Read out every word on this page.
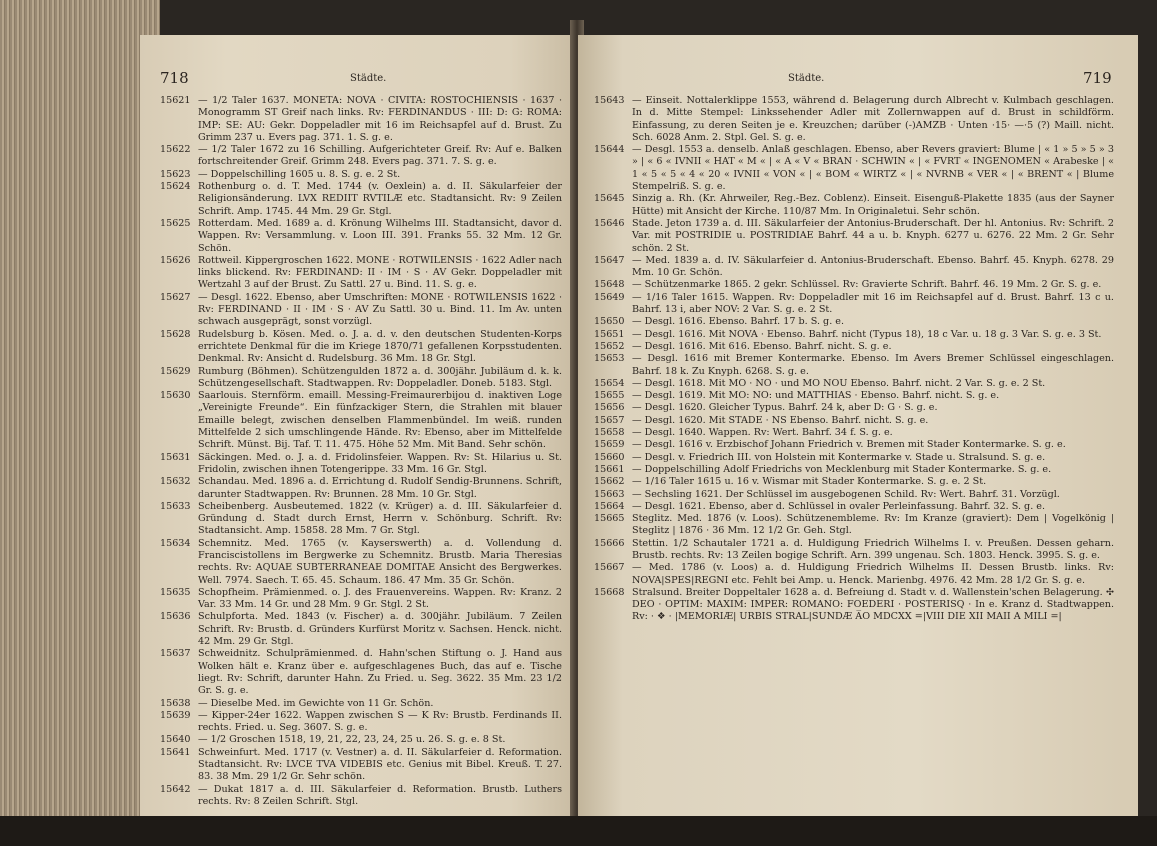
718	Städte.
15621 — 1/2 Taler 1637. MONETA: NOVA · CIVITA: ROSTOCHIENSIS · 1637 · Monogramm ST Greif nach links. Rv: FERDINANDUS · III: D: G: ROMA: IMP: SE: AU: Gekr. Doppeladler mit 16 im Reichsapfel auf d. Brust. Zu Grimm 237 u. Evers pag. 371. 1. S. g. e.
15622 — 1/2 Taler 1672 zu 16 Schilling. Aufgerichteter Greif. Rv: Auf e. Balken fortschreitender Greif. Grimm 248. Evers pag. 371. 7. S. g. e.
15623 — Doppelschilling 1605 u. 8. S. g. e. 2 St.
15624 Rothenburg o. d. T. Med. 1744 (v. Oexlein) a. d. II. Säkularfeier der Religionsänderung. LVX REDIIT RVTILÆ etc. Stadtansicht. Rv: 9 Zeilen Schrift. Amp. 1745. 44 Mm. 29 Gr. Stgl.
15625 Rotterdam. Med. 1689 a. d. Krönung Wilhelms III. Stadtansicht, davor d. Wappen. Rv: Versammlung. v. Loon III. 391. Franks 55. 32 Mm. 12 Gr. Schön.
15626 Rottweil. Kippergroschen 1622. MONE · ROTWILENSIS · 1622 Adler nach links blickend. Rv: FERDINAND: II · IM · S · AV Gekr. Doppeladler mit Wertzahl 3 auf der Brust. Zu Sattl. 27 u. Bind. 11. S. g. e.
15627 — Desgl. 1622. Ebenso, aber Umschriften: MONE · ROTWILENSIS 1622 · Rv: FERDINAND · II · IM · S · AV Zu Sattl. 30 u. Bind. 11. Im Av. unten schwach ausgeprägt, sonst vorzügl.
15628 Rudelsburg b. Kösen. Med. o. J. a. d. v. den deutschen Studenten-Korps errichtete Denkmal für die im Kriege 1870/71 gefallenen Korpsstudenten. Denkmal. Rv: Ansicht d. Rudelsburg. 36 Mm. 18 Gr. Stgl.
15629 Rumburg (Böhmen). Schützengulden 1872 a. d. 300jähr. Jubiläum d. k. k. Schützengesellschaft. Stadtwappen. Rv: Doppeladler. Doneb. 5183. Stgl.
15630 Saarlouis. Sternförm. emaill. Messing-Freimaurerbijou d. inaktiven Loge „Vereinigte Freunde“. Ein fünfzackiger Stern, die Strahlen mit blauer Emaille belegt, zwischen denselben Flammenbündel. Im weiß. runden Mittelfelde 2 sich umschlingende Hände. Rv: Ebenso, aber im Mittelfelde Schrift. Münst. Bij. Taf. T. 11. 475. Höhe 52 Mm. Mit Band. Sehr schön.
15631 Säckingen. Med. o. J. a. d. Fridolinsfeier. Wappen. Rv: St. Hilarius u. St. Fridolin, zwischen ihnen Totengerippe. 33 Mm. 16 Gr. Stgl.
15632 Schandau. Med. 1896 a. d. Errichtung d. Rudolf Sendig-Brunnens. Schrift, darunter Stadtwappen. Rv: Brunnen. 28 Mm. 10 Gr. Stgl.
15633 Scheibenberg. Ausbeutemed. 1822 (v. Krüger) a. d. III. Säkularfeier d. Gründung d. Stadt durch Ernst, Herrn v. Schönburg. Schrift. Rv: Stadtansicht. Amp. 15858. 28 Mm. 7 Gr. Stgl.
15634 Schemnitz. Med. 1765 (v. Kayserswerth) a. d. Vollendung d. Franciscistollens im Bergwerke zu Schemnitz. Brustb. Maria Theresias rechts. Rv: AQUAE SUBTERRANEAE DOMITAE Ansicht des Bergwerkes. Well. 7974. Saech. T. 65. 45. Schaum. 186. 47 Mm. 35 Gr. Schön.
15635 Schopfheim. Prämienmed. o. J. des Frauenvereins. Wappen. Rv: Kranz. 2 Var. 33 Mm. 14 Gr. und 28 Mm. 9 Gr. Stgl. 2 St.
15636 Schulpforta. Med. 1843 (v. Fischer) a. d. 300jähr. Jubiläum. 7 Zeilen Schrift. Rv: Brustb. d. Gründers Kurfürst Moritz v. Sachsen. Henck. nicht. 42 Mm. 29 Gr. Stgl.
15637 Schweidnitz. Schulprämienmed. d. Hahn'schen Stiftung o. J. Hand aus Wolken hält e. Kranz über e. aufgeschlagenes Buch, das auf e. Tische liegt. Rv: Schrift, darunter Hahn. Zu Fried. u. Seg. 3622. 35 Mm. 23 1/2 Gr. S. g. e.
15638 — Dieselbe Med. im Gewichte von 11 Gr. Schön.
15639 — Kipper-24er 1622. Wappen zwischen S — K Rv: Brustb. Ferdinands II. rechts. Fried. u. Seg. 3607. S. g. e.
15640 — 1/2 Groschen 1518, 19, 21, 22, 23, 24, 25 u. 26. S. g. e. 8 St.
15641 Schweinfurt. Med. 1717 (v. Vestner) a. d. II. Säkularfeier d. Reformation. Stadtansicht. Rv: LVCE TVA VIDEBIS etc. Genius mit Bibel. Kreuß. T. 27. 83. 38 Mm. 29 1/2 Gr. Sehr schön.
15642 — Dukat 1817 a. d. III. Säkularfeier d. Reformation. Brustb. Luthers rechts. Rv: 8 Zeilen Schrift. Stgl.
Städte.	719
15643 — Einseit. Nottalerklippe 1553, während d. Belagerung durch Albrecht v. Kulmbach geschlagen. In d. Mitte Stempel: Linkssehender Adler mit Zollernwappen auf d. Brust in schildförm. Einfassung, zu deren Seiten je e. Kreuzchen; darüber (-)AMZB · Unten ·15· —·5 (?) Maill. nicht. Sch. 6028 Anm. 2. Stpl. Gel. S. g. e.
15644 — Desgl. 1553 a. denselb. Anlaß geschlagen. Ebenso, aber Revers graviert: Blume | « 1 » 5 » 5 » 3 » | « 6 « IVNII « HAT « M « | « A « V « BRAN · SCHWIN « | « FVRT « INGENOMEN « Arabeske | « 1 « 5 « 5 « 4 « 20 « IVNII « VON « | « BOM « WIRTZ « | « NVRNB « VER « | « BRENT « | Blume Stempelriß. S. g. e.
15645 Sinzig a. Rh. (Kr. Ahrweiler, Reg.-Bez. Coblenz). Einseit. Eisenguß-Plakette 1835 (aus der Sayner Hütte) mit Ansicht der Kirche. 110/87 Mm. In Originaletui. Sehr schön.
15646 Stade. Jeton 1739 a. d. III. Säkularfeier der Antonius-Bruderschaft. Der hl. Antonius. Rv: Schrift. 2 Var. mit POSTRIDIE u. POSTRIDIAE Bahrf. 44 a u. b. Knyph. 6277 u. 6276. 22 Mm. 2 Gr. Sehr schön. 2 St.
15647 — Med. 1839 a. d. IV. Säkularfeier d. Antonius-Bruderschaft. Ebenso. Bahrf. 45. Knyph. 6278. 29 Mm. 10 Gr. Schön.
15648 — Schützenmarke 1865. 2 gekr. Schlüssel. Rv: Gravierte Schrift. Bahrf. 46. 19 Mm. 2 Gr. S. g. e.
15649 — 1/16 Taler 1615. Wappen. Rv: Doppeladler mit 16 im Reichsapfel auf d. Brust. Bahrf. 13 c u. Bahrf. 13 i, aber NOV: 2 Var. S. g. e. 2 St.
15650 — Desgl. 1616. Ebenso. Bahrf. 17 b. S. g. e.
15651 — Desgl. 1616. Mit NOVA · Ebenso. Bahrf. nicht (Typus 18), 18 c Var. u. 18 g. 3 Var. S. g. e. 3 St.
15652 — Desgl. 1616. Mit 616. Ebenso. Bahrf. nicht. S. g. e.
15653 — Desgl. 1616 mit Bremer Kontermarke. Ebenso. Im Avers Bremer Schlüssel eingeschlagen. Bahrf. 18 k. Zu Knyph. 6268. S. g. e.
15654 — Desgl. 1618. Mit MO · NO · und MO NOU Ebenso. Bahrf. nicht. 2 Var. S. g. e. 2 St.
15655 — Desgl. 1619. Mit MO: NO: und MATTHIAS · Ebenso. Bahrf. nicht. S. g. e.
15656 — Desgl. 1620. Gleicher Typus. Bahrf. 24 k, aber D: G · S. g. e.
15657 — Desgl. 1620. Mit STADE · NS Ebenso. Bahrf. nicht. S. g. e.
15658 — Desgl. 1640. Wappen. Rv: Wert. Bahrf. 34 f. S. g. e.
15659 — Desgl. 1616 v. Erzbischof Johann Friedrich v. Bremen mit Stader Kontermarke. S. g. e.
15660 — Desgl. v. Friedrich III. von Holstein mit Kontermarke v. Stade u. Stralsund. S. g. e.
15661 — Doppelschilling Adolf Friedrichs von Mecklenburg mit Stader Kontermarke. S. g. e.
15662 — 1/16 Taler 1615 u. 16 v. Wismar mit Stader Kontermarke. S. g. e. 2 St.
15663 — Sechsling 1621. Der Schlüssel im ausgebogenen Schild. Rv: Wert. Bahrf. 31. Vorzügl.
15664 — Desgl. 1621. Ebenso, aber d. Schlüssel in ovaler Perleinfassung. Bahrf. 32. S. g. e.
15665 Steglitz. Med. 1876 (v. Loos). Schützenembleme. Rv: Im Kranze (graviert): Dem | Vogelkönig | Steglitz | 1876 · 36 Mm. 12 1/2 Gr. Geh. Stgl.
15666 Stettin. 1/2 Schautaler 1721 a. d. Huldigung Friedrich Wilhelms I. v. Preußen. Dessen geharn. Brustb. rechts. Rv: 13 Zeilen bogige Schrift. Arn. 399 ungenau. Sch. 1803. Henck. 3995. S. g. e.
15667 — Med. 1786 (v. Loos) a. d. Huldigung Friedrich Wilhelms II. Dessen Brustb. links. Rv: NOVA|SPES|REGNI etc. Fehlt bei Amp. u. Henck. Marienbg. 4976. 42 Mm. 28 1/2 Gr. S. g. e.
15668 Stralsund. Breiter Doppeltaler 1628 a. d. Befreiung d. Stadt v. d. Wallenstein'schen Belagerung. ✣ DEO · OPTIM: MAXIM: IMPER: ROMANO: FOEDERI · POSTERISQ · In e. Kranz d. Stadtwappen. Rv: · ❖ · |MEMORIÆ| URBIS STRAL|SUNDÆ A̅O MDCXX =|VIII DIE XII MAII A MILI =|
